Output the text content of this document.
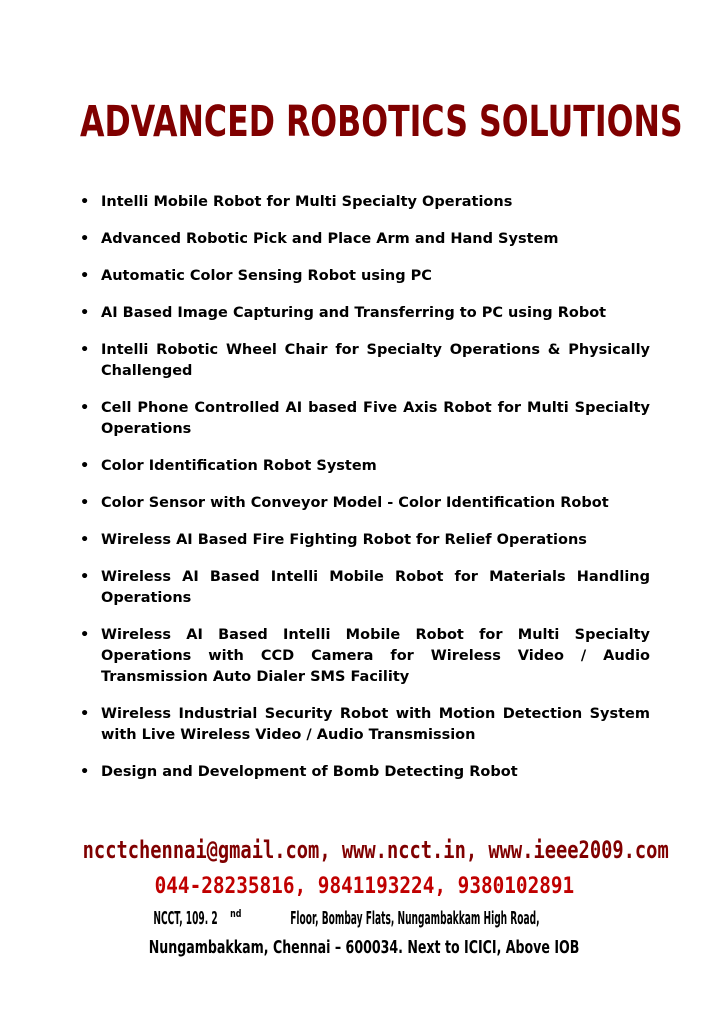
ADVANCED ROBOTICS SOLUTIONS
• Intelli Mobile Robot for Multi Specialty Operations
• Advanced Robotic Pick and Place Arm and Hand System
• Automatic Color Sensing Robot using PC
• AI Based Image Capturing and Transferring to PC using Robot
• Intelli Robotic Wheel Chair for Specialty Operations & Physically Challenged
• Cell Phone Controlled AI based Five Axis Robot for Multi Specialty Operations
• Color Identification Robot System
• Color Sensor with Conveyor Model - Color Identification Robot
• Wireless AI Based Fire Fighting Robot for Relief Operations
• Wireless AI Based Intelli Mobile Robot for Materials Handling Operations
• Wireless AI Based Intelli Mobile Robot for Multi Specialty Operations with CCD Camera for Wireless Video / Audio Transmission Auto Dialer SMS Facility
• Wireless Industrial Security Robot with Motion Detection System with Live Wireless Video / Audio Transmission
• Design and Development of Bomb Detecting Robot

ncctchennai@gmail.com, www.ncct.in, www.ieee2009.com

044-28235816, 9841193224, 9380102891

NCCT, 109. 2 $^{nd}$	Floor, Bombay Flats, Nungambakkam High Road,

Nungambakkam, Chennai – 600034. Next to ICICI, Above IOB
